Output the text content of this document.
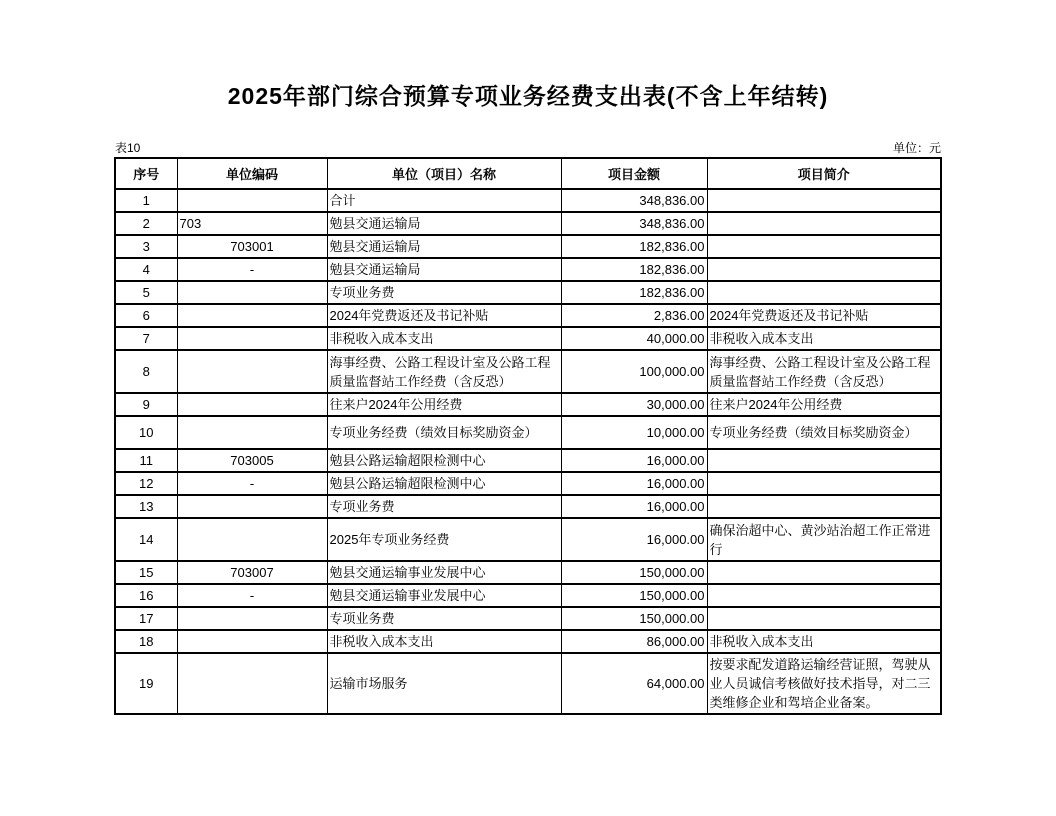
2025年部门综合预算专项业务经费支出表(不含上年结转)
表10	单位：元
序号	单位编码	单位（项目）名称	项目金额	项目简介
1		合计	348,836.00	
2	703	勉县交通运输局	348,836.00	
3	703001	勉县交通运输局	182,836.00	
4	-	勉县交通运输局	182,836.00	
5		专项业务费	182,836.00	
6		2024年党费返还及书记补贴	2,836.00	2024年党费返还及书记补贴
7		非税收入成本支出	40,000.00	非税收入成本支出
8		海事经费、公路工程设计室及公路工程质量监督站工作经费（含反恐）	100,000.00	海事经费、公路工程设计室及公路工程质量监督站工作经费（含反恐）
9		往来户2024年公用经费	30,000.00	往来户2024年公用经费
10		专项业务经费（绩效目标奖励资金）	10,000.00	专项业务经费（绩效目标奖励资金）
11	703005	勉县公路运输超限检测中心	16,000.00	
12	-	勉县公路运输超限检测中心	16,000.00	
13		专项业务费	16,000.00	
14		2025年专项业务经费	16,000.00	确保治超中心、黄沙站治超工作正常进行
15	703007	勉县交通运输事业发展中心	150,000.00	
16	-	勉县交通运输事业发展中心	150,000.00	
17		专项业务费	150,000.00	
18		非税收入成本支出	86,000.00	非税收入成本支出
19		运输市场服务	64,000.00	按要求配发道路运输经营证照，驾驶从业人员诚信考核做好技术指导，对二三类维修企业和驾培企业备案。
